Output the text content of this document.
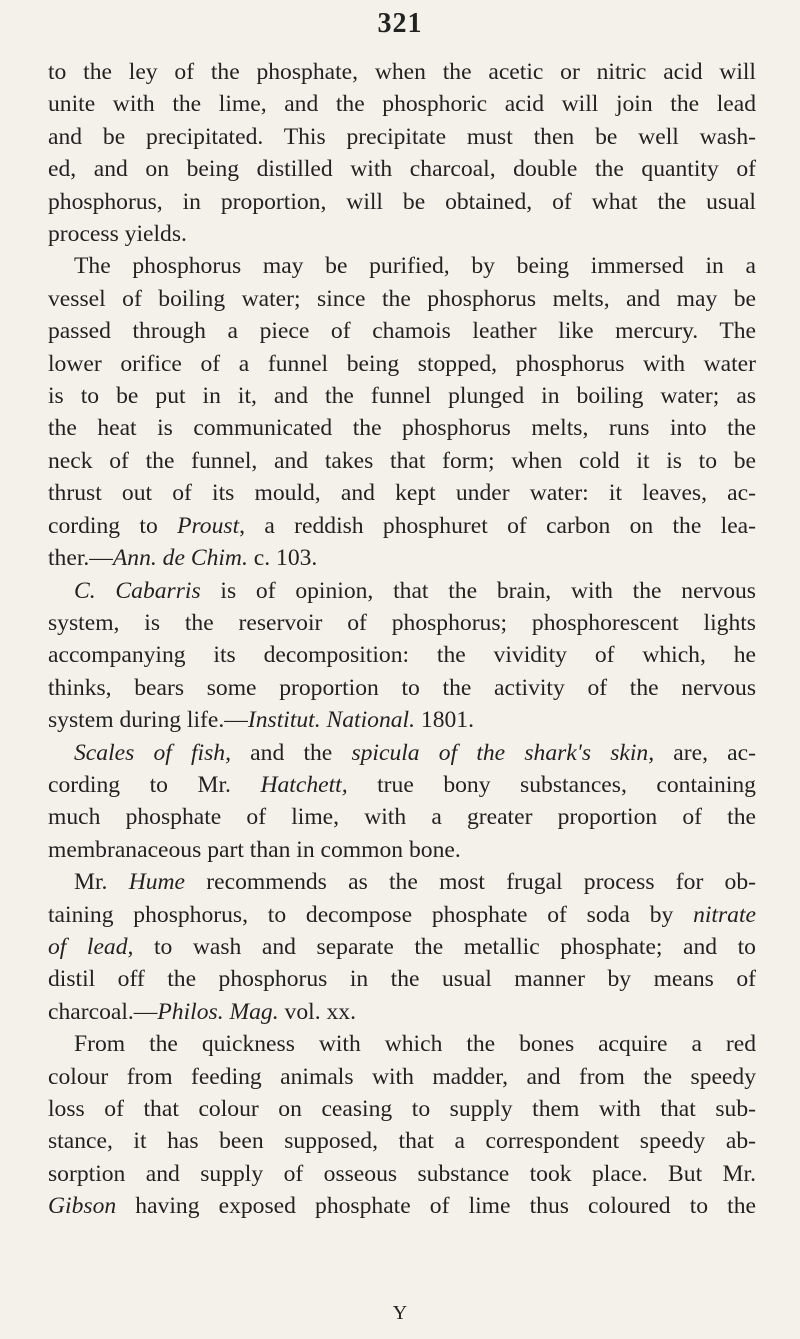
321
to the ley of the phosphate, when the acetic or nitric acid will
unite with the lime, and the phosphoric acid will join the lead
and be precipitated. This precipitate must then be well wash-
ed, and on being distilled with charcoal, double the quantity of
phosphorus, in proportion, will be obtained, of what the usual
process yields.
The phosphorus may be purified, by being immersed in a
vessel of boiling water; since the phosphorus melts, and may be
passed through a piece of chamois leather like mercury. The
lower orifice of a funnel being stopped, phosphorus with water
is to be put in it, and the funnel plunged in boiling water; as
the heat is communicated the phosphorus melts, runs into the
neck of the funnel, and takes that form; when cold it is to be
thrust out of its mould, and kept under water: it leaves, ac-
cording to Proust, a reddish phosphuret of carbon on the lea-
ther.—Ann. de Chim. c. 103.
C. Cabarris is of opinion, that the brain, with the nervous
system, is the reservoir of phosphorus; phosphorescent lights
accompanying its decomposition: the vividity of which, he
thinks, bears some proportion to the activity of the nervous
system during life.—Institut. National. 1801.
Scales of fish, and the spicula of the shark's skin, are, ac-
cording to Mr. Hatchett, true bony substances, containing
much phosphate of lime, with a greater proportion of the
membranaceous part than in common bone.
Mr. Hume recommends as the most frugal process for ob-
taining phosphorus, to decompose phosphate of soda by nitrate
of lead, to wash and separate the metallic phosphate; and to
distil off the phosphorus in the usual manner by means of
charcoal.—Philos. Mag. vol. xx.
From the quickness with which the bones acquire a red
colour from feeding animals with madder, and from the speedy
loss of that colour on ceasing to supply them with that sub-
stance, it has been supposed, that a correspondent speedy ab-
sorption and supply of osseous substance took place. But Mr.
Gibson having exposed phosphate of lime thus coloured to the
Y
